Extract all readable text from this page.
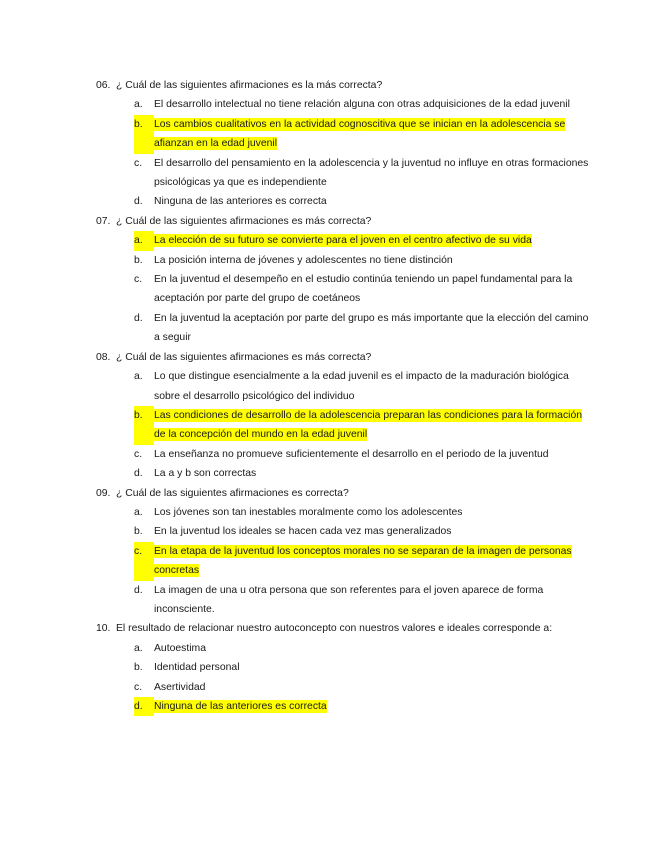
06. ¿ Cuál de las siguientes afirmaciones es la más correcta?
a.	El desarrollo intelectual no tiene relación alguna con otras adquisiciones de la edad juvenil
b.	Los cambios cualitativos en la actividad cognoscitiva que se inician en la adolescencia se afianzan en la edad juvenil
c.	El desarrollo del pensamiento en la adolescencia y la juventud no influye en otras formaciones psicológicas ya que es independiente
d.	Ninguna de las anteriores es correcta
07. ¿ Cuál de las siguientes afirmaciones es más correcta?
a.	La elección de su futuro se convierte para el joven en el centro afectivo de su vida
b.	La posición interna de jóvenes y adolescentes no tiene distinción
c.	En la juventud el desempeño en el estudio continúa teniendo un papel fundamental para la aceptación por parte del grupo de coetáneos
d.	En la juventud la aceptación por parte del grupo es más importante que la elección del camino a seguir
08. ¿ Cuál de las siguientes afirmaciones es más correcta?
a.	Lo que distingue esencialmente a la edad juvenil es el impacto de la maduración biológica sobre el desarrollo psicológico del individuo
b.	Las condiciones de desarrollo de la adolescencia preparan las condiciones para la formación de la concepción del mundo en la edad juvenil
c.	La enseñanza no promueve suficientemente el desarrollo en el periodo de la juventud
d.	La a y b son correctas
09. ¿ Cuál de las siguientes afirmaciones es correcta?
a.	Los jóvenes son tan inestables moralmente como los adolescentes
b.	En la juventud los ideales se hacen cada vez mas generalizados
c.	En la etapa de la juventud los conceptos morales no se separan de la imagen de personas concretas
d.	La imagen de una u otra persona que son referentes para el joven aparece de forma inconsciente.
10. El resultado de relacionar nuestro autoconcepto con nuestros valores e ideales corresponde a:
a.	Autoestima
b.	Identidad personal
c.	Asertividad
d.	Ninguna de las anteriores es correcta
